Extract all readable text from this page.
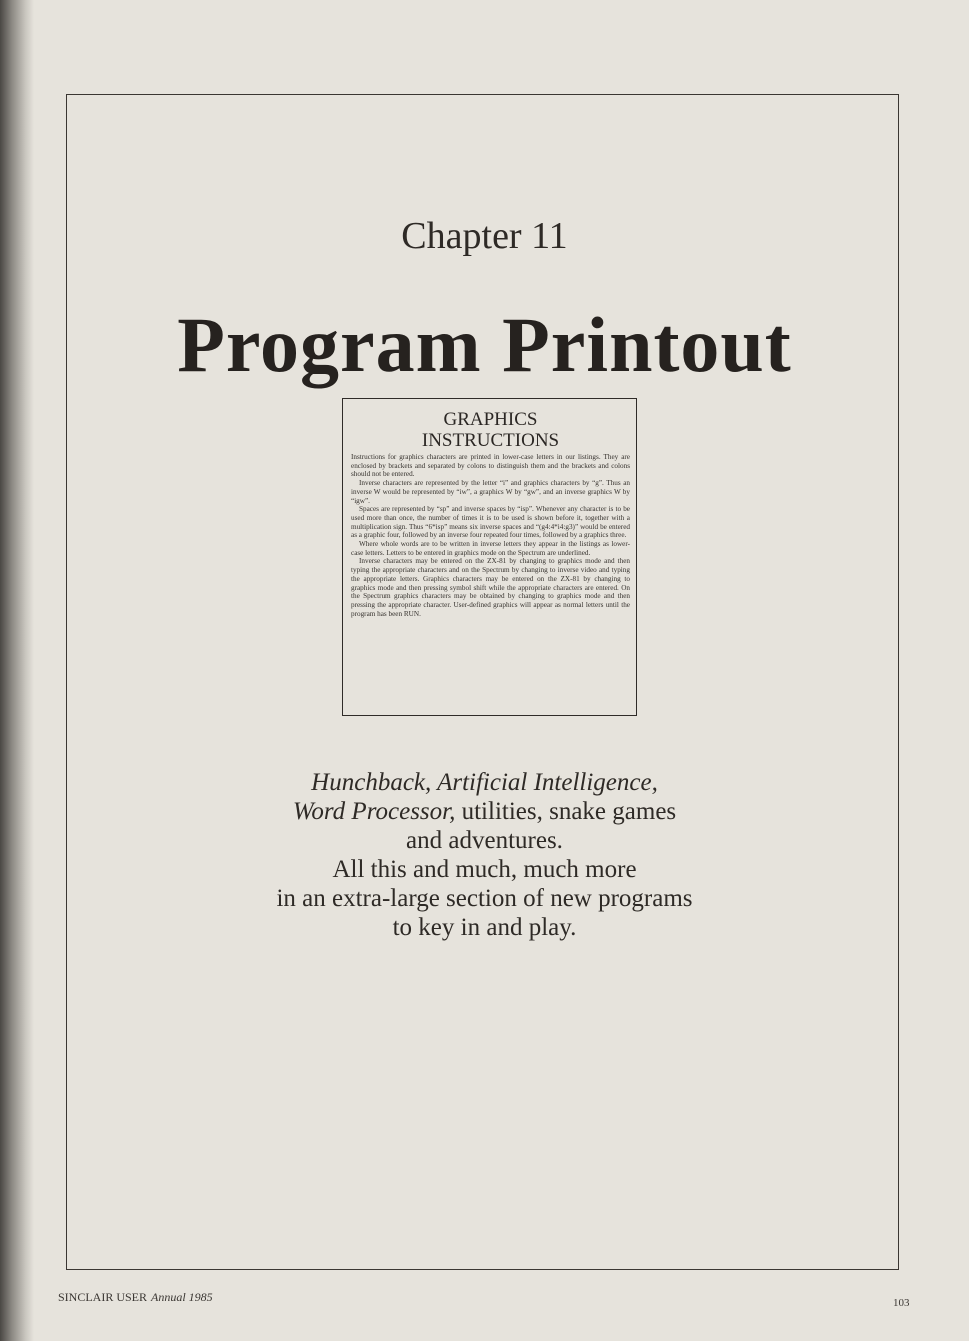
Chapter 11
Program Printout
GRAPHICS
INSTRUCTIONS

Instructions for graphics characters are printed in lower-case letters in our listings. They are enclosed by brackets and separated by colons to distinguish them and the brackets and colons should not be entered.

Inverse characters are represented by the letter “i” and graphics characters by “g”. Thus an inverse W would be represented by “iw”, a graphics W by “gw”, and an inverse graphics W by “igw”.

Spaces are represented by “sp” and inverse spaces by “isp”. Whenever any character is to be used more than once, the number of times it is to be used is shown before it, together with a multiplication sign. Thus “6*isp” means six inverse spaces and “(g4:4*i4:g3)” would be entered as a graphic four, followed by an inverse four repeated four times, followed by a graphics three.

Where whole words are to be written in inverse letters they appear in the listings as lower-case letters. Letters to be entered in graphics mode on the Spectrum are underlined.

Inverse characters may be entered on the ZX-81 by changing to graphics mode and then typing the appropriate characters and on the Spectrum by changing to inverse video and typing the appropriate letters. Graphics characters may be entered on the ZX-81 by changing to graphics mode and then pressing symbol shift while the appropriate characters are entered. On the Spectrum graphics characters may be obtained by changing to graphics mode and then pressing the appropriate character. User-defined graphics will appear as normal letters until the program has been RUN.

Hunchback, Artificial Intelligence,
Word Processor, utilities, snake games
and adventures.
All this and much, much more
in an extra-large section of new programs
to key in and play.
SINCLAIR USER Annual 1985	103
